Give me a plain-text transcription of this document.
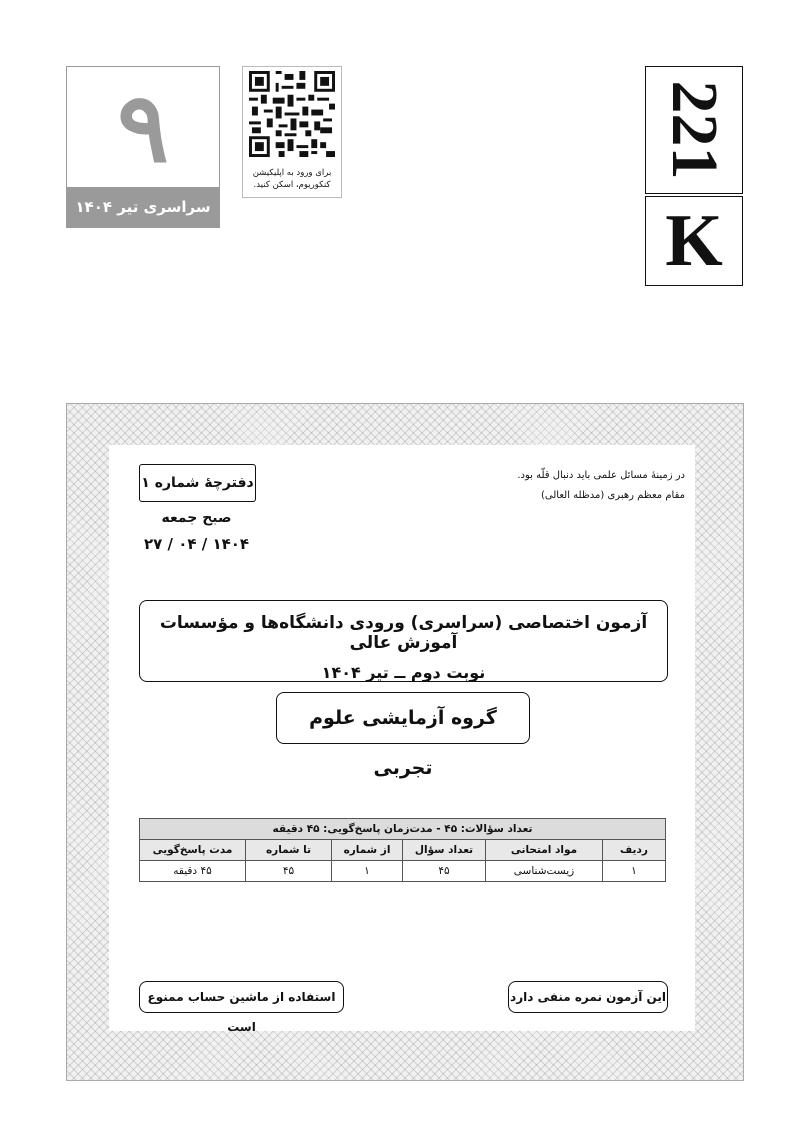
۹
سراسری تیر ۱۴۰۴
برای ورود به اپلیکیشن
کنکوریوم، اسکن کنید.
221
K
در زمینهٔ مسائل علمی باید دنبال قلّه بود.
مقام معظم رهبری (مدظله العالی)
دفترچهٔ شماره ۱
صبح جمعه
۱۴۰۴ / ۰۴ / ۲۷
آزمون اختصاصی (سراسری) ورودی دانشگاه‌ها و مؤسسات آموزش عالی
نوبت دوم ــ تیر ۱۴۰۴
گروه آزمایشی علوم تجربی
تعداد سؤالات: ۴۵ - مدت‌زمان پاسخ‌گویی: ۴۵ دقیقه					
ردیف	مواد امتحانی	تعداد سؤال	از شماره	تا شماره	مدت پاسخ‌گویی
۱	زیست‌شناسی	۴۵	۱	۴۵	۴۵ دقیقه
این آزمون نمره منفی دارد
استفاده از ماشین حساب ممنوع است
